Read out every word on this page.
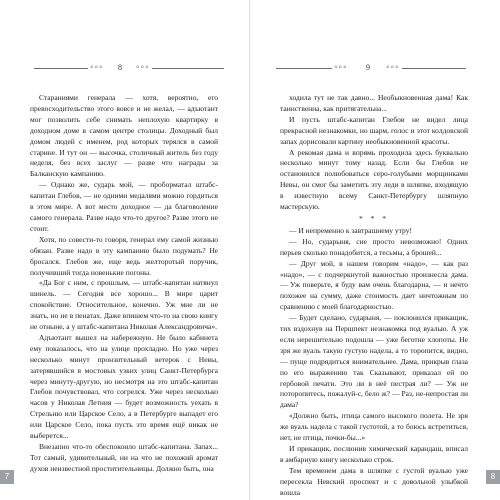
◦◦◦ 8 ◦◦◦

Стараниями генерала — хотя, вероятно, его превосходительство этого вовсе и не желал, — адъютант мог позволить себе снимать неплохую квартирку в доходном доме в самом центре столицы. Доходный был домом людей с именем, род которых терялся в самой старине. И тут он — высочка, столичный житель без году неделя, без всех заслуг — разве что награды за Балканскую кампанию.

— Однако же, сударь мой, — проборматал штабс-капитан Глебов, — не одними медалями можно гордиться в этом мире. А вот место доходное — да благоволение самого генерала. Разве надо что-то другое? Разве этого не стоит.

Хотя, по совести-то говоря, генерал ему самой жизнью обязан. Разве надо в эту кампанию было подумать? Не бросался. Глебов же, еще ведь желторотый поручик, получивший тогда новенькие погоны.

«Да Бог с ним, с прошлым, — штабс-капитан натянул шинель. — Сегодня все хорошо... В мире царит спокойствие. Относительное, конечно. Уж мне ли не знать, но не в пенатах. Даже впишем что-то на свою книгу не отныне, а у штабс-капитана Николая Александровича».

Адъютант вышел на набережную. Не было кабинета ему показалось, что на улице прохладно. Но уже через несколько минут пронзительный ветерок с Невы, затерявшийся в мостовых узких улиц Санкт-Петербурга через минуту-другую, но несмотря на это штабс-капитан Глебов почувствовал, что согрелся. Уже через несколько часов у Николая Летния — будет возможность уехать в Стрельню или Царское Село, а в Петербурге выпадет его или Царское Село, пока пусть это время ещё никак не выберется...

Внезапно что-то обеспокоило штабс-капитана. Запах... Тот самый, удивительный, ни на что не похожий аромат духов неизвестной проститительницы. Должно быть, она

7
◦◦◦ 9 ◦◦◦

ходила тут не так давно... Необыкновенная дама! Как таинственна, как притягательна...

И пусть штабс-капитан Глебов не видел лица прекрасной незнакомки, но шарм, голос и этот колдовской запах дорисовали картину необыкновенной красоты.

А рекомая дама и впрямь проходила здесь буквально несколько минут тому назад. Если бы Глебов не остановился полюбоваться серо-голубыми морщинками Невы, он смог бы заметить эту леди в шляпке, входящую в известную всему Санкт-Петербургу шляпную мастерскую.

* * *

— И непременно к завтрашнему утру!

— Но, сударыня, сие просто невозможно! Одних перьев сколько понадобится, а тесьмы, а брошей...

— Друг мой, в нашем говорим «надо», — как раз «надо», — с подчеркнутой важностью произнесла дама. — Уж поверьте, я буду вам очень благодарна, — и нечто похожее на сумму, даже стоимость дает ничтожным по сравнению с моей благодарностью.

— Будет сделано, сударыня, — поклонился прикащик, тих вздохнув на Першпект незнакомка под вуалью. А уж если нерешительно подошла — уже беготне хлопоты. Не зря же вуаль такую густую надела, а то торопится, видно, — пуще подрядиться внимательнее. Дама, прикрыв глаза по его выражению так Сказывают, приказал ей по гербовой печати. Это ли в неё пестрая ли? — Уж не поторопитесь, пожалуй-с, бело ж? — Раз, не-непростая ли дама?

«Должно быть, птица самого высокого полета. Не зря же вуаль надела с такой густотой, а то боюсь встретиться, нет, не птица, почки-бы...»

И прикащик, послюнив химический карандаш, вписал в амбарную книгу несколько строк.

Тем временем дама в шляпке с густой вуалью уже пересекла Невский проспект и с довольной улыбкой вошла

8
